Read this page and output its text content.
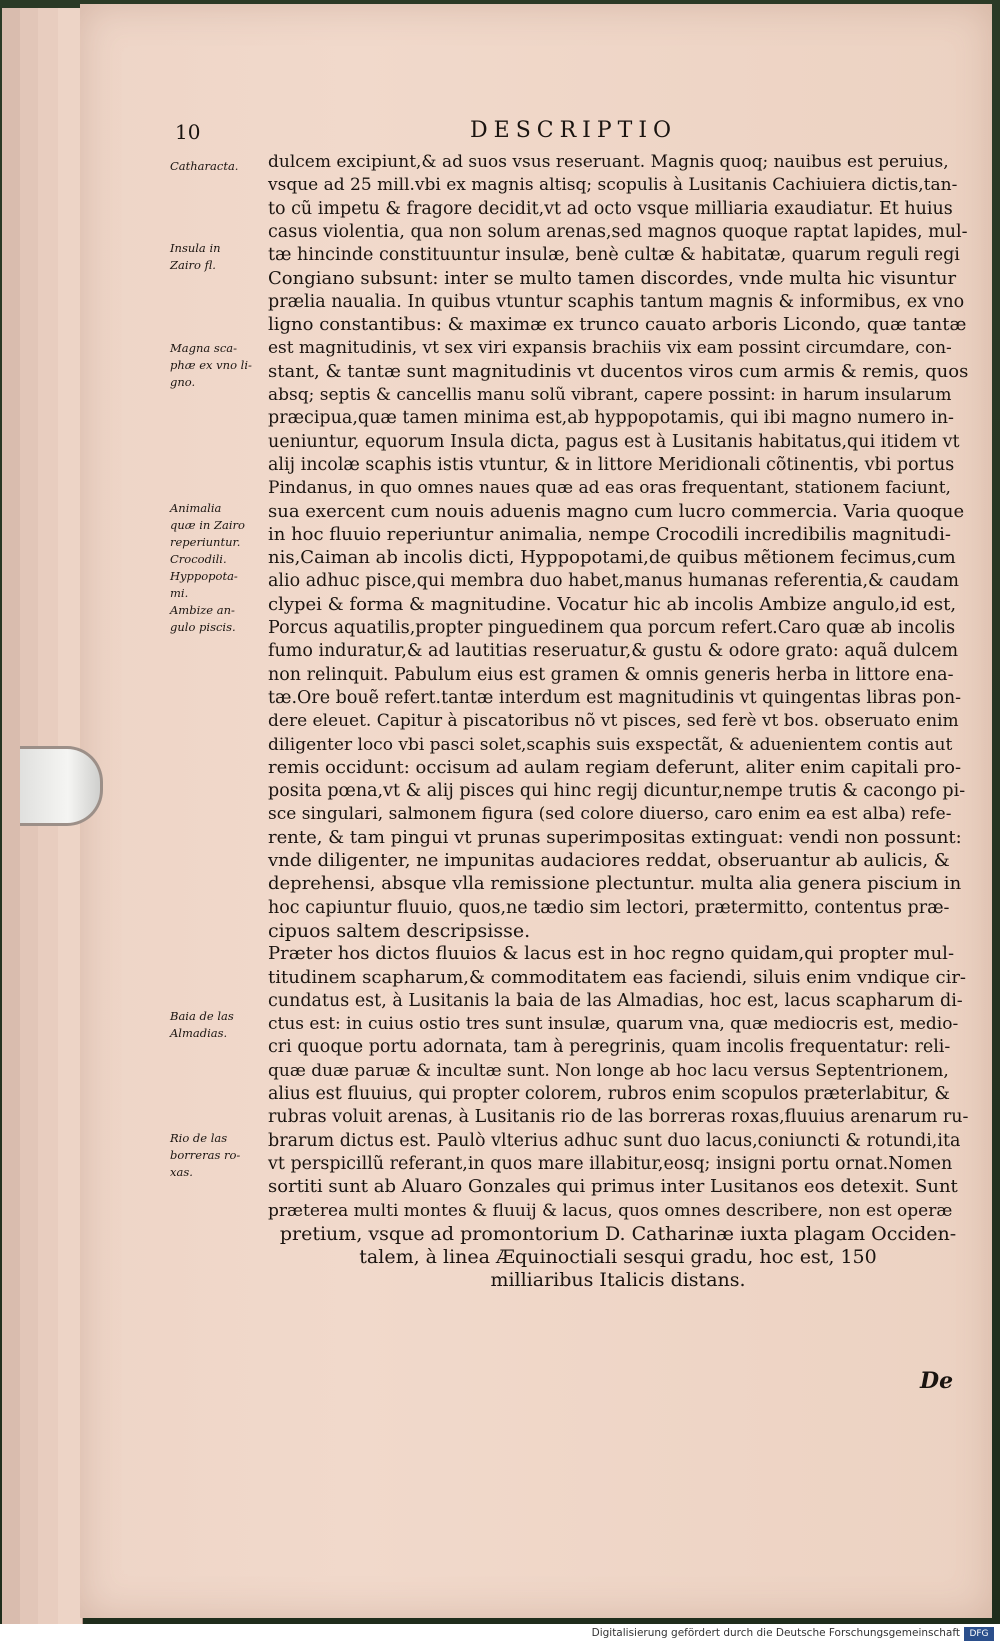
10	DESCRIPTIO
Catharacta.
Insula in
Zairo fl.
Magna sca-
phæ ex vno li-
gno.
Animalia
quæ in Zairo
reperiuntur.
Crocodili.
Hyppopota-
mi.
Ambize an-
gulo piscis.
Baia de las
Almadias.
Rio de las
borreras ro-
xas.
dulcem excipiunt,& ad suos vsus reseruant. Magnis quoq; nauibus est peruius,
vsque ad 25 mill.vbi ex magnis altisq; scopulis à Lusitanis Cachiuiera dictis,tan-
to cũ impetu & fragore decidit,vt ad octo vsque milliaria exaudiatur. Et huius
casus violentia, qua non solum arenas,sed magnos quoque raptat lapides, mul-
tæ hincinde constituuntur insulæ, benè cultæ & habitatæ, quarum reguli regi
Congiano subsunt: inter se multo tamen discordes, vnde multa hic visuntur
prælia naualia. In quibus vtuntur scaphis tantum magnis & informibus, ex vno
ligno constantibus: & maximæ ex trunco cauato arboris Licondo, quæ tantæ
est magnitudinis, vt sex viri expansis brachiis vix eam possint circumdare, con-
stant, & tantæ sunt magnitudinis vt ducentos viros cum armis & remis, quos
absq; septis & cancellis manu solũ vibrant, capere possint: in harum insularum
præcipua,quæ tamen minima est,ab hyppopotamis, qui ibi magno numero in-
ueniuntur, equorum Insula dicta, pagus est à Lusitanis habitatus,qui itidem vt
alij incolæ scaphis istis vtuntur, & in littore Meridionali cõtinentis, vbi portus
Pindanus, in quo omnes naues quæ ad eas oras frequentant, stationem faciunt,
sua exercent cum nouis aduenis magno cum lucro commercia. Varia quoque
in hoc fluuio reperiuntur animalia, nempe Crocodili incredibilis magnitudi-
nis,Caiman ab incolis dicti, Hyppopotami,de quibus mẽtionem fecimus,cum
alio adhuc pisce,qui membra duo habet,manus humanas referentia,& caudam
clypei & forma & magnitudine. Vocatur hic ab incolis Ambize angulo,id est,
Porcus aquatilis,propter pinguedinem qua porcum refert.Caro quæ ab incolis
fumo induratur,& ad lautitias reseruatur,& gustu & odore grato: aquã dulcem
non relinquit. Pabulum eius est gramen & omnis generis herba in littore ena-
tæ.Ore bouẽ refert.tantæ interdum est magnitudinis vt quingentas libras pon-
dere eleuet. Capitur à piscatoribus nõ vt pisces, sed ferè vt bos. obseruato enim
diligenter loco vbi pasci solet,scaphis suis exspectãt, & aduenientem contis aut
remis occidunt: occisum ad aulam regiam deferunt, aliter enim capitali pro-
posita pœna,vt & alij pisces qui hinc regij dicuntur,nempe trutis & cacongo pi-
sce singulari, salmonem figura (sed colore diuerso, caro enim ea est alba) refe-
rente, & tam pingui vt prunas superimpositas extinguat: vendi non possunt:
vnde diligenter, ne impunitas audaciores reddat, obseruantur ab aulicis, &
deprehensi, absque vlla remissione plectuntur. multa alia genera piscium in
hoc capiuntur fluuio, quos,ne tædio sim lectori, prætermitto, contentus præ-
cipuos saltem descripsisse.
Præter hos dictos fluuios & lacus est in hoc regno quidam,qui propter mul-
titudinem scapharum,& commoditatem eas faciendi, siluis enim vndique cir-
cundatus est, à Lusitanis la baia de las Almadias, hoc est, lacus scapharum di-
ctus est: in cuius ostio tres sunt insulæ, quarum vna, quæ mediocris est, medio-
cri quoque portu adornata, tam à peregrinis, quam incolis frequentatur: reli-
quæ duæ paruæ & incultæ sunt. Non longe ab hoc lacu versus Septentrionem,
alius est fluuius, qui propter colorem, rubros enim scopulos præterlabitur, &
rubras voluit arenas, à Lusitanis rio de las borreras roxas,fluuius arenarum ru-
brarum dictus est. Paulò vlterius adhuc sunt duo lacus,coniuncti & rotundi,ita
vt perspicillũ referant,in quos mare illabitur,eosq; insigni portu ornat.Nomen
sortiti sunt ab Aluaro Gonzales qui primus inter Lusitanos eos detexit. Sunt
præterea multi montes & fluuij & lacus, quos omnes describere, non est operæ
pretium, vsque ad promontorium D. Catharinæ iuxta plagam Occiden-
talem, à linea Æquinoctiali sesqui gradu, hoc est, 150
milliaribus Italicis distans.
De
Digitalisierung gefördert durch die Deutsche Forschungsgemeinschaft	DFG
